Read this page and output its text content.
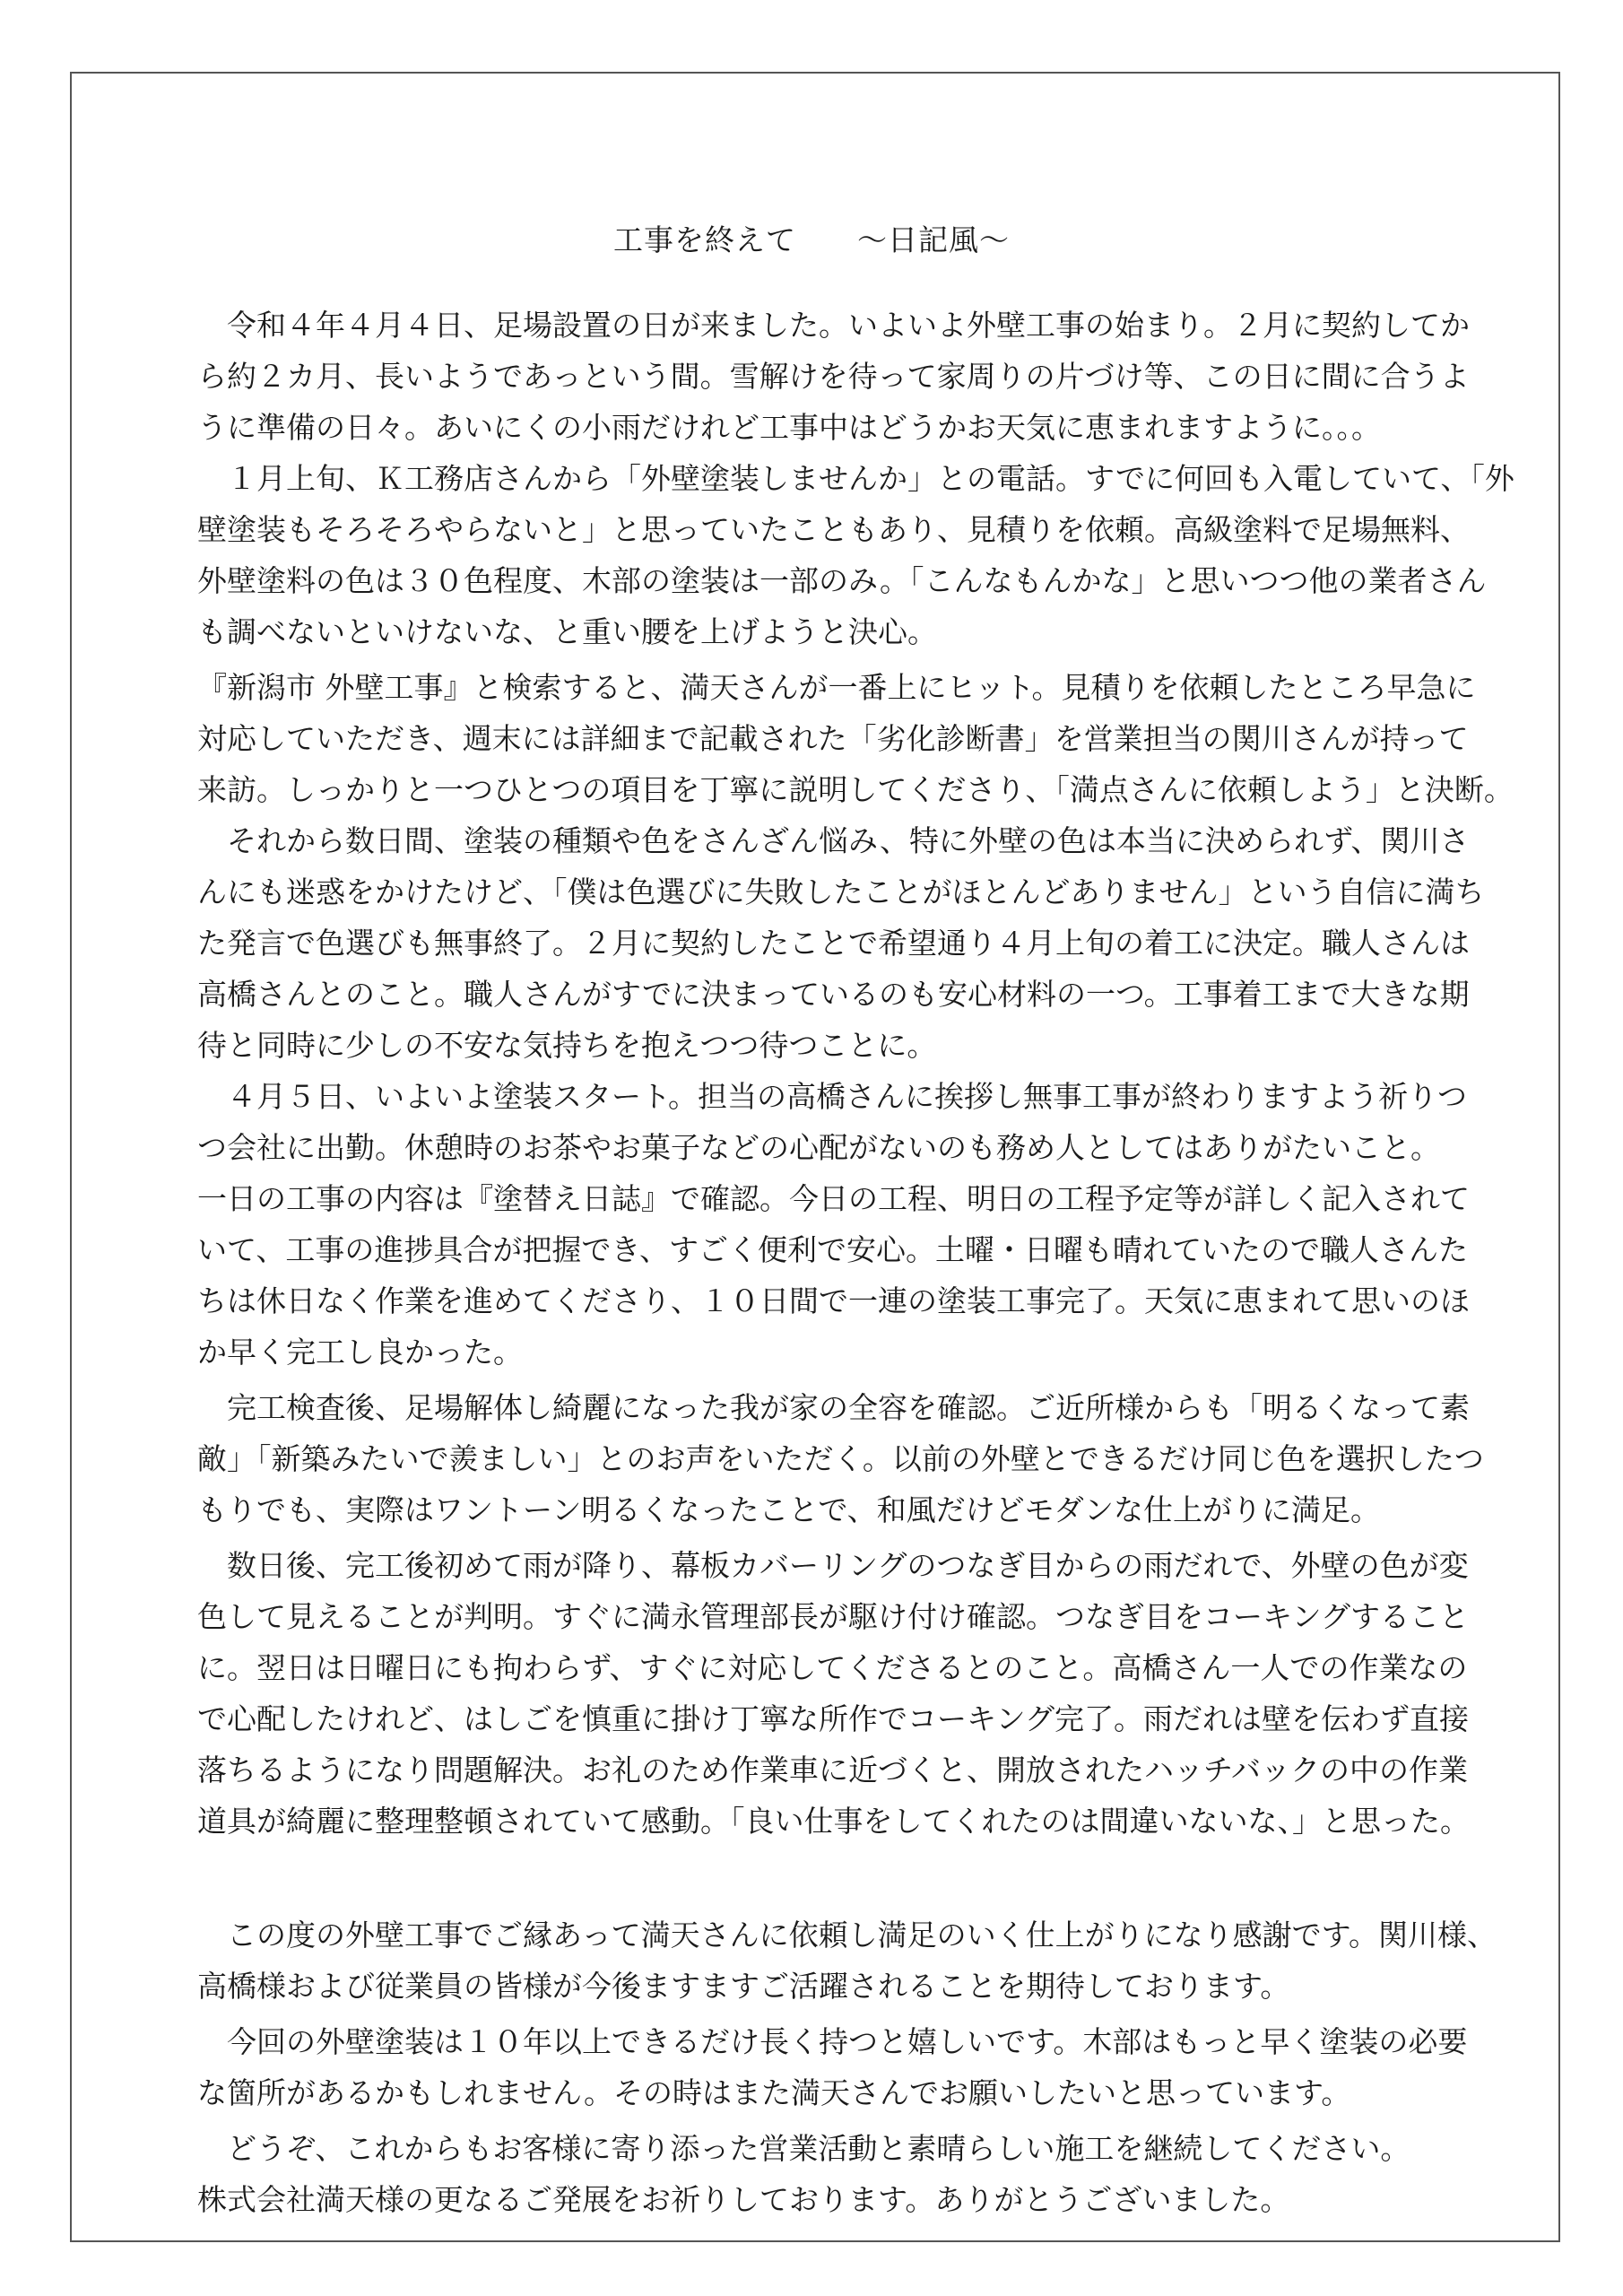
工事を終えて　　～日記風～
令和４年４月４日、足場設置の日が来ました。いよいよ外壁工事の始まり。２月に契約してか
ら約２カ月、長いようであっという間。雪解けを待って家周りの片づけ等、この日に間に合うよ
うに準備の日々。あいにくの小雨だけれど工事中はどうかお天気に恵まれますように。。。
１月上旬、Ｋ工務店さんから「外壁塗装しませんか」との電話。すでに何回も入電していて、「外
壁塗装もそろそろやらないと」と思っていたこともあり、見積りを依頼。高級塗料で足場無料、
外壁塗料の色は３０色程度、木部の塗装は一部のみ。「こんなもんかな」と思いつつ他の業者さん
も調べないといけないな、と重い腰を上げようと決心。
『新潟市 外壁工事』と検索すると、満天さんが一番上にヒット。見積りを依頼したところ早急に
対応していただき、週末には詳細まで記載された「劣化診断書」を営業担当の関川さんが持って
来訪。しっかりと一つひとつの項目を丁寧に説明してくださり、「満点さんに依頼しよう」と決断。
それから数日間、塗装の種類や色をさんざん悩み、特に外壁の色は本当に決められず、関川さ
んにも迷惑をかけたけど、「僕は色選びに失敗したことがほとんどありません」という自信に満ち
た発言で色選びも無事終了。２月に契約したことで希望通り４月上旬の着工に決定。職人さんは
高橋さんとのこと。職人さんがすでに決まっているのも安心材料の一つ。工事着工まで大きな期
待と同時に少しの不安な気持ちを抱えつつ待つことに。
４月５日、いよいよ塗装スタート。担当の高橋さんに挨拶し無事工事が終わりますよう祈りつ
つ会社に出勤。休憩時のお茶やお菓子などの心配がないのも務め人としてはありがたいこと。
一日の工事の内容は『塗替え日誌』で確認。今日の工程、明日の工程予定等が詳しく記入されて
いて、工事の進捗具合が把握でき、すごく便利で安心。土曜・日曜も晴れていたので職人さんた
ちは休日なく作業を進めてくださり、１０日間で一連の塗装工事完了。天気に恵まれて思いのほ
か早く完工し良かった。
完工検査後、足場解体し綺麗になった我が家の全容を確認。ご近所様からも「明るくなって素
敵」「新築みたいで羨ましい」とのお声をいただく。以前の外壁とできるだけ同じ色を選択したつ
もりでも、実際はワントーン明るくなったことで、和風だけどモダンな仕上がりに満足。
数日後、完工後初めて雨が降り、幕板カバーリングのつなぎ目からの雨だれで、外壁の色が変
色して見えることが判明。すぐに満永管理部長が駆け付け確認。つなぎ目をコーキングすること
に。翌日は日曜日にも拘わらず、すぐに対応してくださるとのこと。高橋さん一人での作業なの
で心配したけれど、はしごを慎重に掛け丁寧な所作でコーキング完了。雨だれは壁を伝わず直接
落ちるようになり問題解決。お礼のため作業車に近づくと、開放されたハッチバックの中の作業
道具が綺麗に整理整頓されていて感動。「良い仕事をしてくれたのは間違いないな、」と思った。
この度の外壁工事でご縁あって満天さんに依頼し満足のいく仕上がりになり感謝です。関川様、
高橋様および従業員の皆様が今後ますますご活躍されることを期待しております。
今回の外壁塗装は１０年以上できるだけ長く持つと嬉しいです。木部はもっと早く塗装の必要
な箇所があるかもしれません。その時はまた満天さんでお願いしたいと思っています。
どうぞ、これからもお客様に寄り添った営業活動と素晴らしい施工を継続してください。
株式会社満天様の更なるご発展をお祈りしております。ありがとうございました。
